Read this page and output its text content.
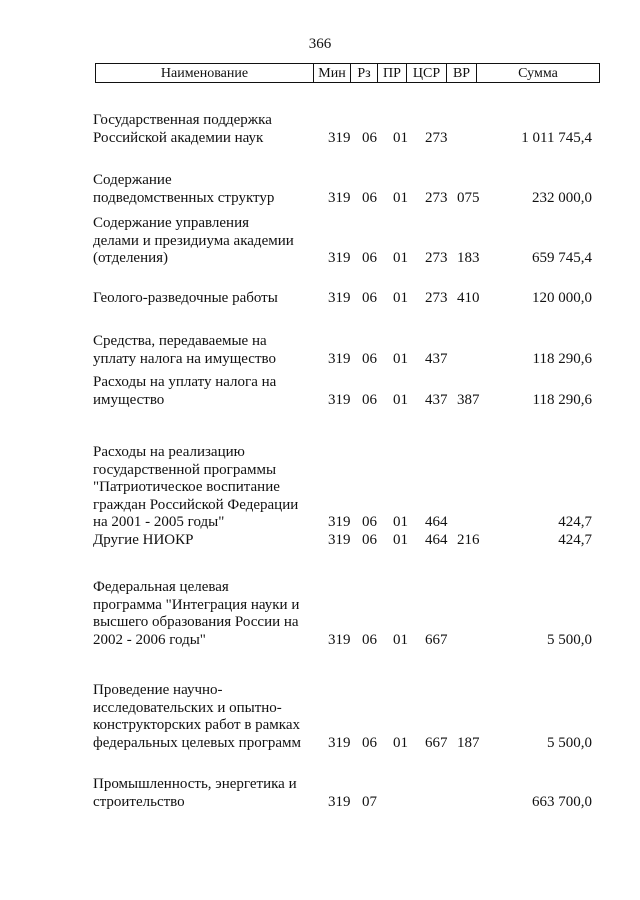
366
Наименование	Мин Рз ПР ЦСР ВР	Сумма
Государственная поддержка
Российской академии наук	319 06 01 273	1 011 745,4
Содержание
подведомственных структур	319 06 01 273 075	232 000,0
Содержание управления
делами и президиума академии
(отделения)	319 06 01 273 183	659 745,4
Геолого-разведочные работы	319 06 01 273 410	120 000,0
Средства, передаваемые на
уплату налога на имущество	319 06 01 437	118 290,6
Расходы на уплату налога на
имущество	319 06 01 437 387	118 290,6
Расходы на реализацию
государственной программы
"Патриотическое воспитание
граждан Российской Федерации
на 2001 - 2005 годы"	319 06 01 464	424,7
Другие НИОКР	319 06 01 464 216	424,7
Федеральная целевая
программа "Интеграция науки и
высшего образования России на
2002 - 2006 годы"	319 06 01 667	5 500,0
Проведение научно-
исследовательских и опытно-
конструкторских работ в рамках
федеральных целевых программ	319 06 01 667 187	5 500,0
Промышленность, энергетика и
строительство	319 07	663 700,0
